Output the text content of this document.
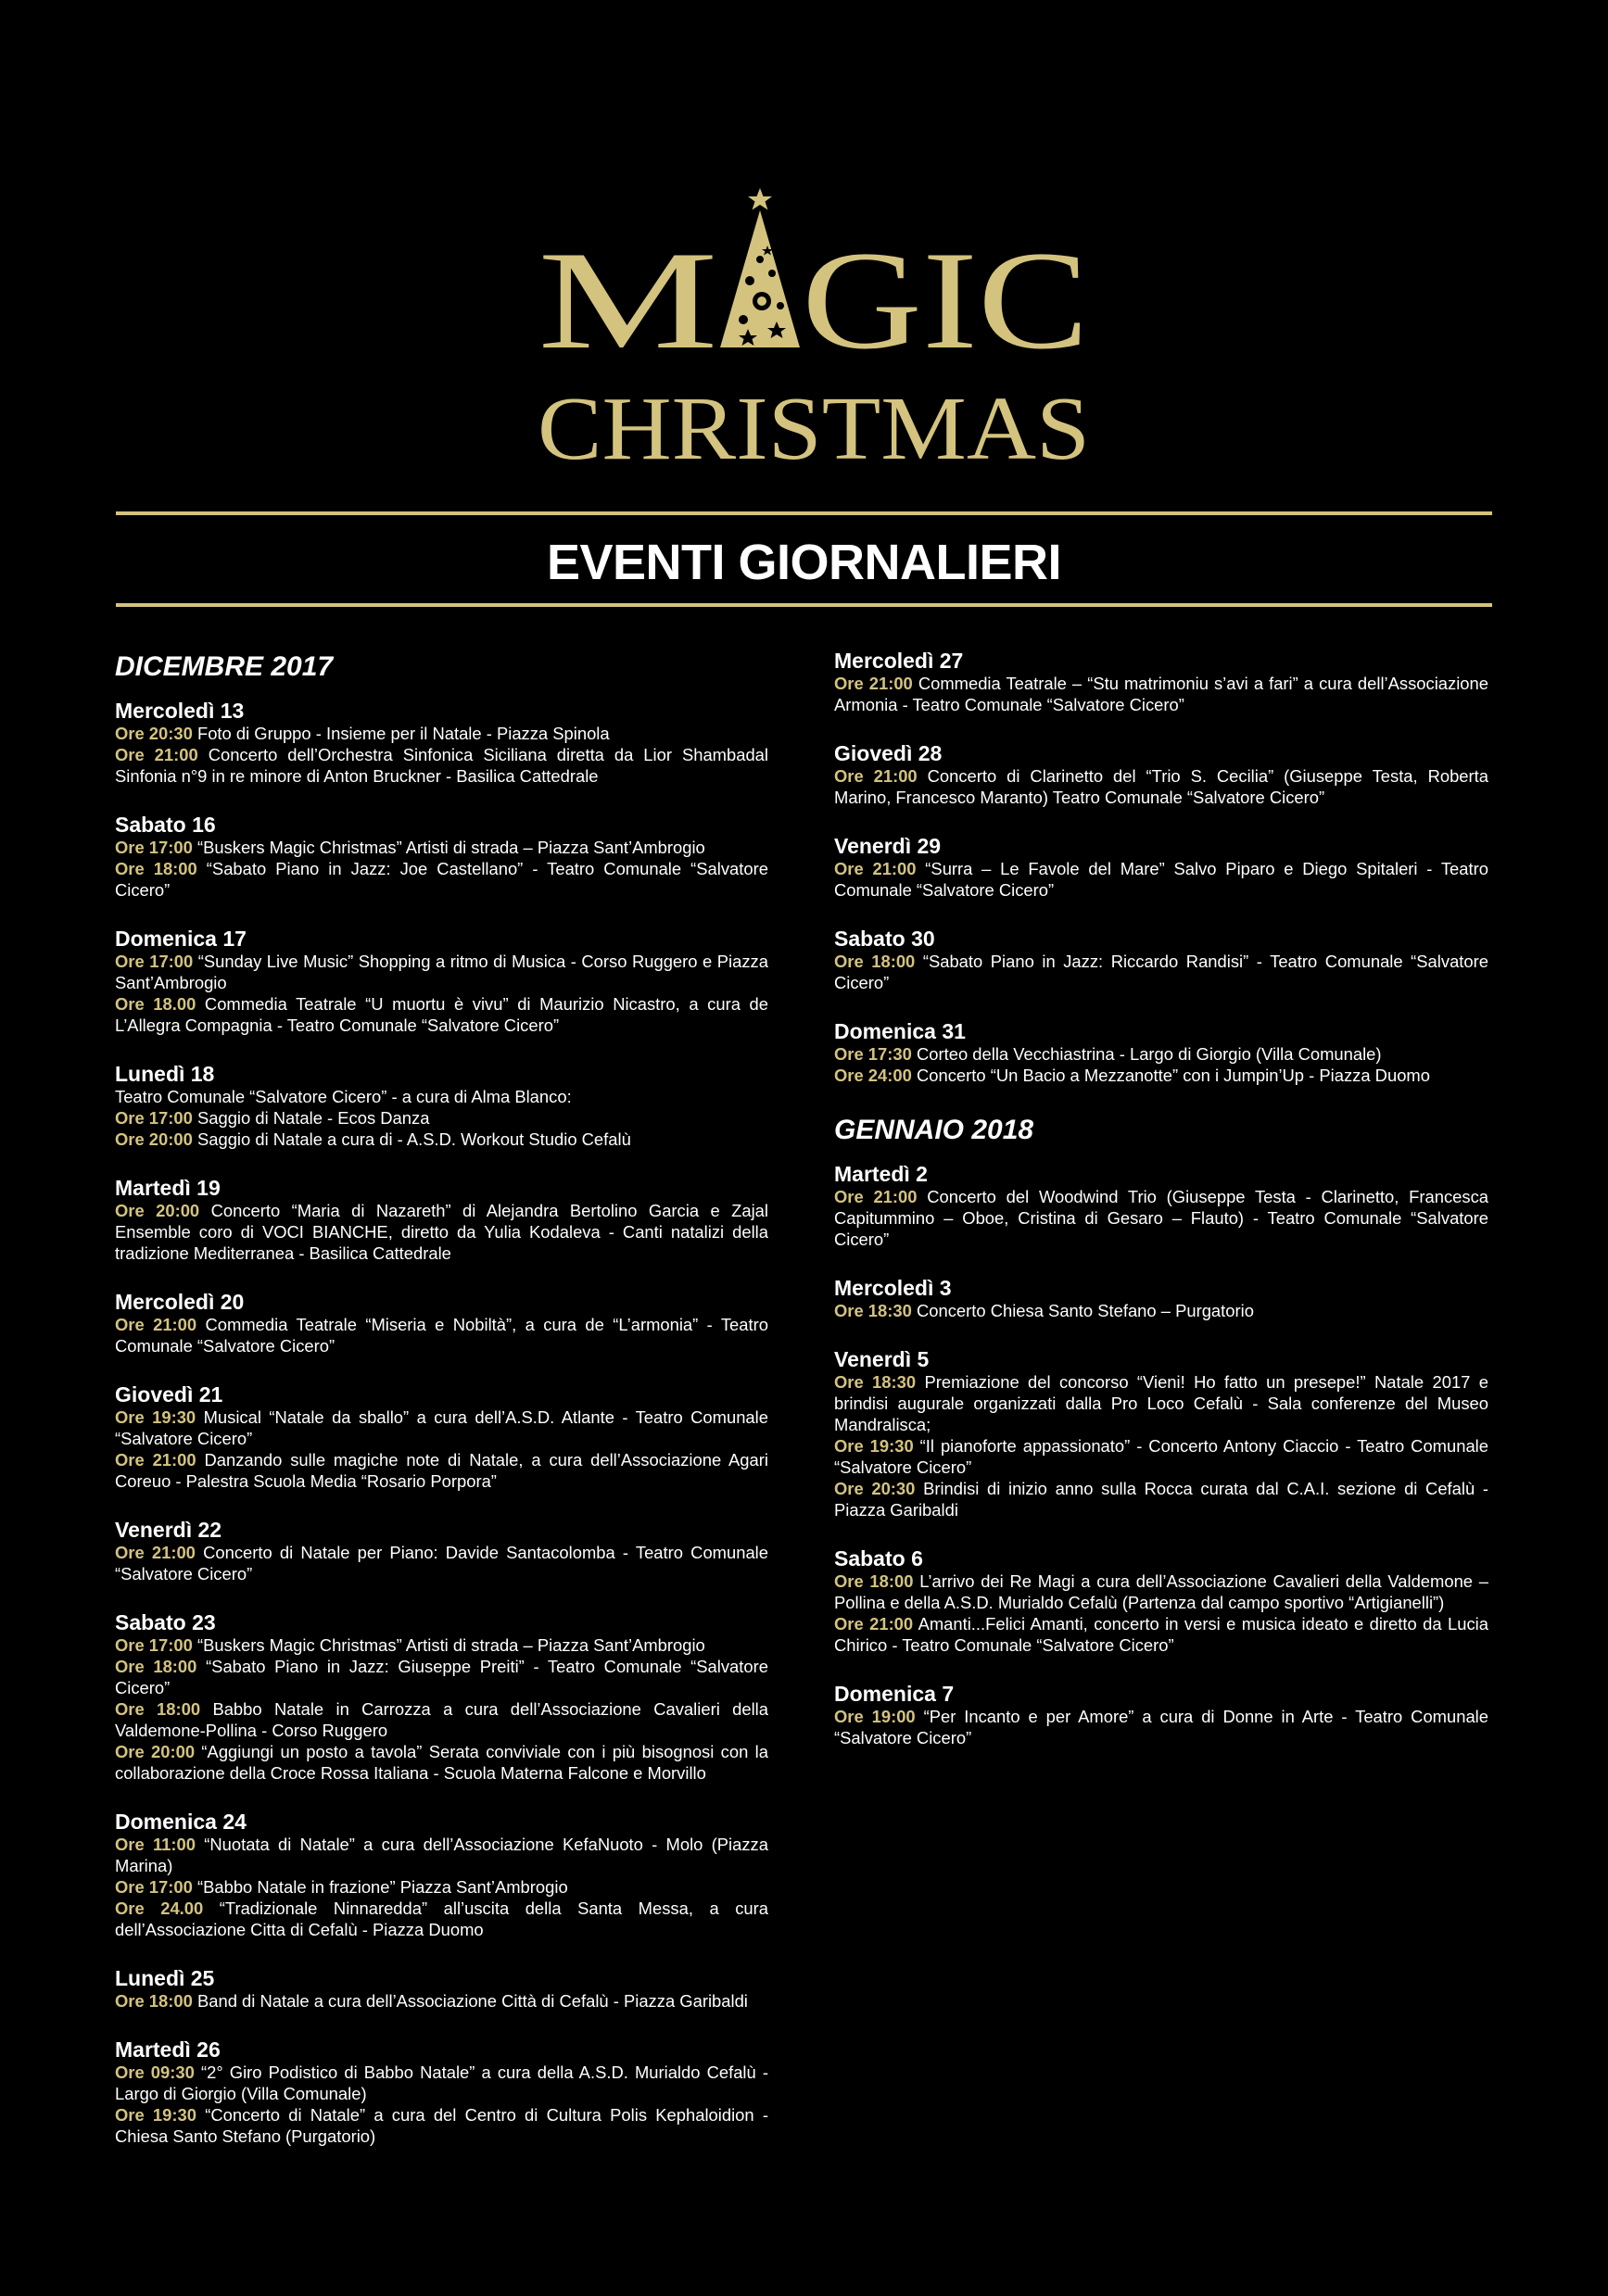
M GIC
CHRISTMAS
EVENTI GIORNALIERI
DICEMBRE 2017
Mercoledì 13
Ore 20:30 Foto di Gruppo - Insieme per il Natale - Piazza Spinola
Ore 21:00 Concerto dell’Orchestra Sinfonica Siciliana diretta da Lior Shambadal Sinfonia n°9 in re minore di Anton Bruckner - Basilica Cattedrale
Sabato 16
Ore 17:00 “Buskers Magic Christmas” Artisti di strada – Piazza Sant’Ambrogio
Ore 18:00 “Sabato Piano in Jazz: Joe Castellano” - Teatro Comunale “Salvatore Cicero”
Domenica 17
Ore 17:00 “Sunday Live Music” Shopping a ritmo di Musica - Corso Ruggero e Piazza Sant’Ambrogio
Ore 18.00 Commedia Teatrale “U muortu è vivu” di Maurizio Nicastro, a cura de L’Allegra Compagnia - Teatro Comunale “Salvatore Cicero”
Lunedì 18
Teatro Comunale “Salvatore Cicero” - a cura di Alma Blanco:
Ore 17:00 Saggio di Natale - Ecos Danza
Ore 20:00 Saggio di Natale a cura di - A.S.D. Workout Studio Cefalù
Martedì 19
Ore 20:00 Concerto “Maria di Nazareth” di Alejandra Bertolino Garcia e Zajal Ensemble coro di VOCI BIANCHE, diretto da Yulia Kodaleva - Canti natalizi della tradizione Mediterranea - Basilica Cattedrale
Mercoledì 20
Ore 21:00 Commedia Teatrale “Miseria e Nobiltà”, a cura de “L’armonia” - Teatro Comunale “Salvatore Cicero”
Giovedì 21
Ore 19:30 Musical “Natale da sballo” a cura dell’A.S.D. Atlante - Teatro Comunale “Salvatore Cicero”
Ore 21:00 Danzando sulle magiche note di Natale, a cura dell’Associazione Agari Coreuo - Palestra Scuola Media “Rosario Porpora”
Venerdì 22
Ore 21:00 Concerto di Natale per Piano: Davide Santacolomba - Teatro Comunale “Salvatore Cicero”
Sabato 23
Ore 17:00 “Buskers Magic Christmas” Artisti di strada – Piazza Sant’Ambrogio
Ore 18:00 “Sabato Piano in Jazz: Giuseppe Preiti” - Teatro Comunale “Salvatore Cicero”
Ore 18:00 Babbo Natale in Carrozza a cura dell’Associazione Cavalieri della Valdemone-Pollina - Corso Ruggero
Ore 20:00 “Aggiungi un posto a tavola” Serata conviviale con i più bisognosi con la collaborazione della Croce Rossa Italiana - Scuola Materna Falcone e Morvillo
Domenica 24
Ore 11:00 “Nuotata di Natale” a cura dell’Associazione KefaNuoto - Molo (Piazza Marina)
Ore 17:00 “Babbo Natale in frazione” Piazza Sant’Ambrogio
Ore 24.00 “Tradizionale Ninnaredda” all’uscita della Santa Messa, a cura dell’Associazione Citta di Cefalù - Piazza Duomo
Lunedì 25
Ore 18:00 Band di Natale a cura dell’Associazione Città di Cefalù - Piazza Garibaldi
Martedì 26
Ore 09:30 “2° Giro Podistico di Babbo Natale” a cura della A.S.D. Murialdo Cefalù - Largo di Giorgio (Villa Comunale)
Ore 19:30 “Concerto di Natale” a cura del Centro di Cultura Polis Kephaloidion - Chiesa Santo Stefano (Purgatorio)
Mercoledì 27
Ore 21:00 Commedia Teatrale – “Stu matrimoniu s’avi a fari” a cura dell’Associazione Armonia - Teatro Comunale “Salvatore Cicero”
Giovedì 28
Ore 21:00 Concerto di Clarinetto del “Trio S. Cecilia” (Giuseppe Testa, Roberta Marino, Francesco Maranto) Teatro Comunale “Salvatore Cicero”
Venerdì 29
Ore 21:00 “Surra – Le Favole del Mare” Salvo Piparo e Diego Spitaleri - Teatro Comunale “Salvatore Cicero”
Sabato 30
Ore 18:00 “Sabato Piano in Jazz: Riccardo Randisi” - Teatro Comunale “Salvatore Cicero”
Domenica 31
Ore 17:30 Corteo della Vecchiastrina - Largo di Giorgio (Villa Comunale)
Ore 24:00 Concerto “Un Bacio a Mezzanotte” con i Jumpin’Up - Piazza Duomo
GENNAIO 2018
Martedì 2
Ore 21:00 Concerto del Woodwind Trio (Giuseppe Testa - Clarinetto, Francesca Capitummino – Oboe, Cristina di Gesaro – Flauto) - Teatro Comunale “Salvatore Cicero”
Mercoledì 3
Ore 18:30 Concerto Chiesa Santo Stefano – Purgatorio
Venerdì 5
Ore 18:30 Premiazione del concorso “Vieni! Ho fatto un presepe!” Natale 2017 e brindisi augurale organizzati dalla Pro Loco Cefalù - Sala conferenze del Museo Mandralisca;
Ore 19:30 “Il pianoforte appassionato” - Concerto Antony Ciaccio - Teatro Comunale “Salvatore Cicero”
Ore 20:30 Brindisi di inizio anno sulla Rocca curata dal C.A.I. sezione di Cefalù - Piazza Garibaldi
Sabato 6
Ore 18:00 L’arrivo dei Re Magi a cura dell’Associazione Cavalieri della Valdemone – Pollina e della A.S.D. Murialdo Cefalù (Partenza dal campo sportivo “Artigianelli”)
Ore 21:00 Amanti...Felici Amanti, concerto in versi e musica ideato e diretto da Lucia Chirico - Teatro Comunale “Salvatore Cicero”
Domenica 7
Ore 19:00 “Per Incanto e per Amore” a cura di Donne in Arte - Teatro Comunale “Salvatore Cicero”
